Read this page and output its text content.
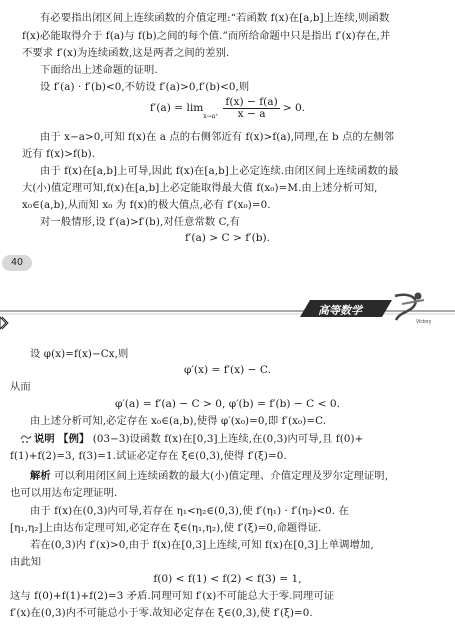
有必要指出闭区间上连续函数的介值定理:“若函数 f(x)在[a,b]上连续,则函数
f(x)必能取得介于 f(a)与 f(b)之间的每个值.”而所给命题中只是指出 f′(x)存在,并
不要求 f′(x)为连续函数,这是两者之间的差别.
下面给出上述命题的证明.
设 f′(a) · f′(b)<0,不妨设 f′(a)>0,f′(b)<0,则
f′(a) = lim
$x\to a^+ \frac{f(x) - f(a)}{x - a} > 0$.
由于 x−a>0,可知 f(x)在 a 点的右侧邻近有 f(x)>f(a),同理,在 b 点的左侧邻
近有 f(x)>f(b).
由于 f(x)在[a,b]上可导,因此 f(x)在[a,b]上必定连续.由闭区间上连续函数的最
大(小)值定理可知,f(x)在[a,b]上必定能取得最大值 f(x₀)=M.由上述分析可知,
x₀∈(a,b),从而知 x₀ 为 f(x)的极大值点,必有 f′(x₀)=0.
对一般情形,设 f′(a)>f′(b),对任意常数 C,有
f′(a) > C > f′(b).
40
Victory
高等数学
设 φ(x)=f(x)−Cx,则
φ′(x) = f′(x) − C.
从而
φ′(a) = f′(a) − C > 0, φ′(b) = f′(b) − C < 0.
由上述分析可知,必定存在 x₀∈(a,b),使得 φ′(x₀)=0,即 f′(x₀)=C.
说明 【例】 (03−3)设函数 f(x)在[0,3]上连续,在(0,3)内可导,且 f(0)+
f(1)+f(2)=3, f(3)=1.试证必定存在 ξ∈(0,3),使得 f′(ξ)=0.
解析 可以利用闭区间上连续函数的最大(小)值定理、介值定理及罗尔定理证明,
也可以用达布定理证明.
由于 f(x)在(0,3)内可导,若存在 η₁<η₂∈(0,3),使 f′(η₁) · f′(η₂)<0. 在
[η₁,η₂]上由达布定理可知,必定存在 ξ∈(η₁,η₂),使 f′(ξ)=0,命题得证.
若在(0,3)内 f′(x)>0,由于 f(x)在[0,3]上连续,可知 f(x)在[0,3]上单调增加,
由此知
f(0) < f(1) < f(2) < f(3) = 1,
这与 f(0)+f(1)+f(2)=3 矛盾.同理可知 f′(x)不可能总大于零.同理可证
f′(x)在(0,3)内不可能总小于零.故知必定存在 ξ∈(0,3),使 f′(ξ)=0.
